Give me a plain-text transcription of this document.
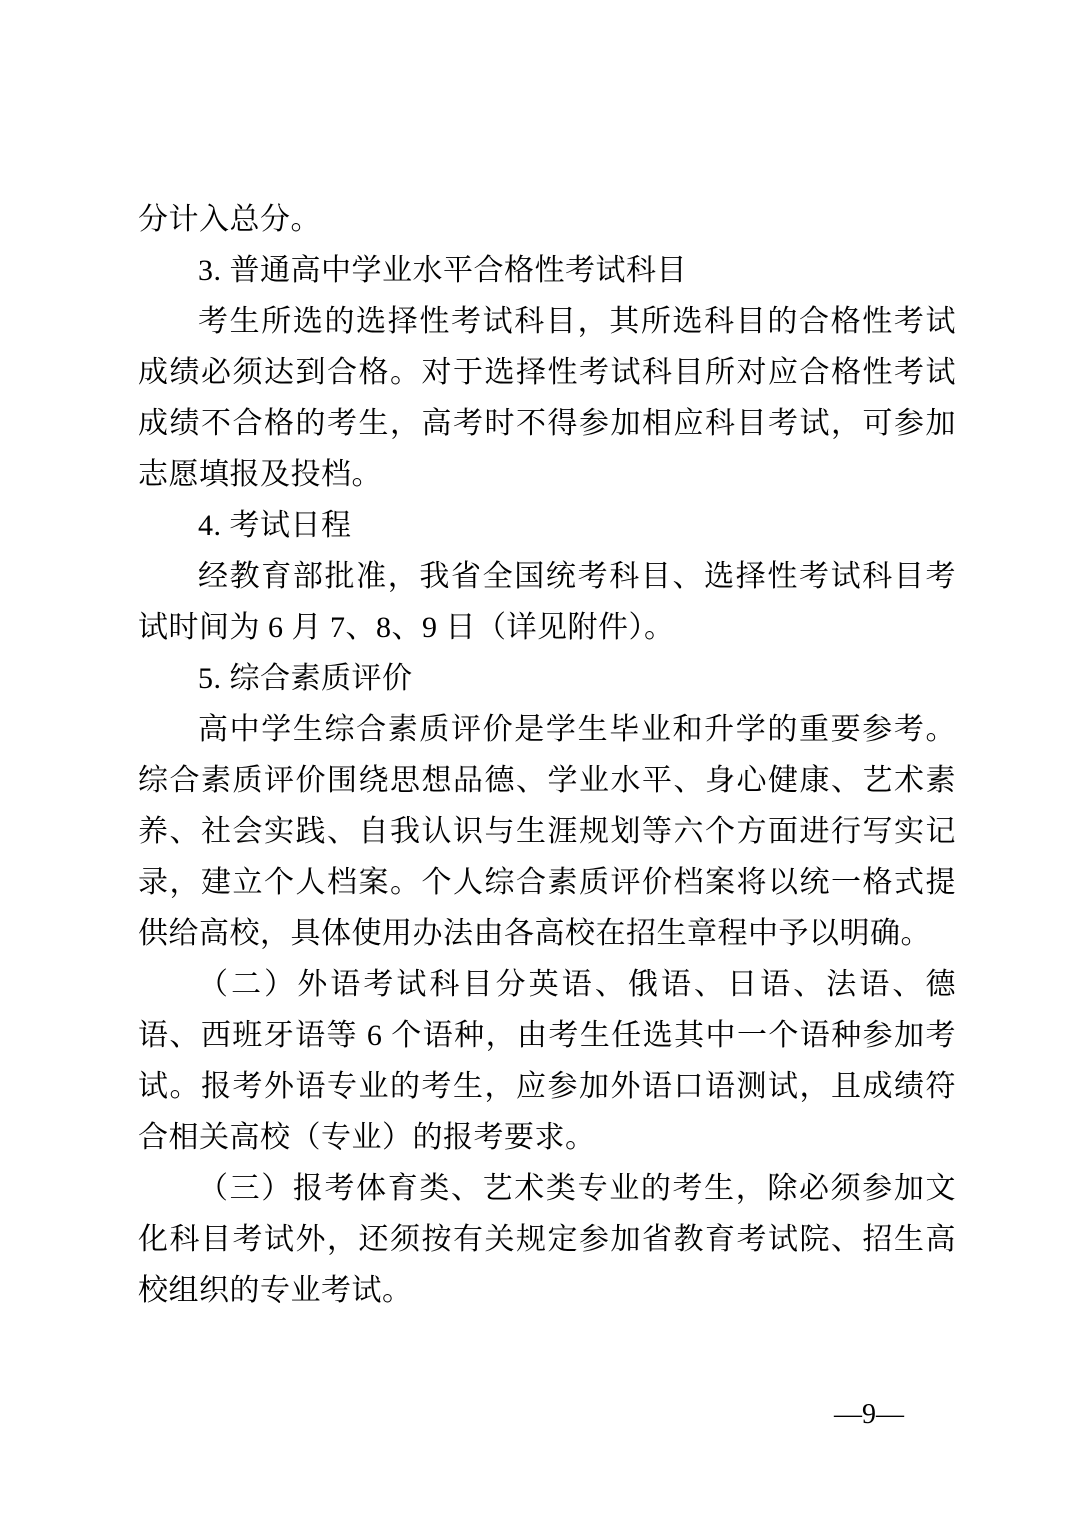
分计入总分。

3. 普通高中学业水平合格性考试科目

考生所选的选择性考试科目，其所选科目的合格性考试成绩必须达到合格。对于选择性考试科目所对应合格性考试成绩不合格的考生，高考时不得参加相应科目考试，可参加志愿填报及投档。

4. 考试日程

经教育部批准，我省全国统考科目、选择性考试科目考试时间为 6 月 7、8、9 日（详见附件）。

5. 综合素质评价

高中学生综合素质评价是学生毕业和升学的重要参考。综合素质评价围绕思想品德、学业水平、身心健康、艺术素养、社会实践、自我认识与生涯规划等六个方面进行写实记录，建立个人档案。个人综合素质评价档案将以统一格式提供给高校，具体使用办法由各高校在招生章程中予以明确。

（二）外语考试科目分英语、俄语、日语、法语、德语、西班牙语等 6 个语种，由考生任选其中一个语种参加考试。报考外语专业的考生，应参加外语口语测试，且成绩符合相关高校（专业）的报考要求。

（三）报考体育类、艺术类专业的考生，除必须参加文化科目考试外，还须按有关规定参加省教育考试院、招生高校组织的专业考试。

—9—
